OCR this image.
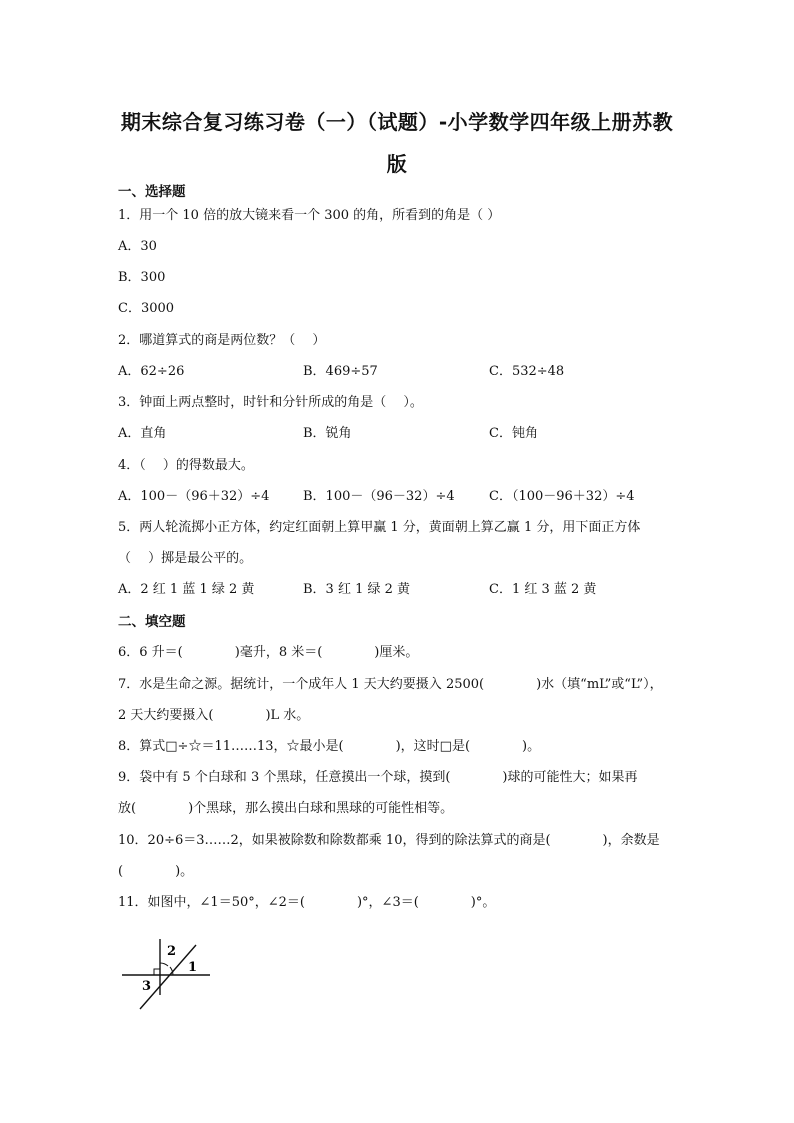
期末综合复习练习卷（一）（试题）-小学数学四年级上册苏教
版
一、选择题
1．用一个 10 倍的放大镜来看一个 300 的角，所看到的角是（ ）
A．30
B．300
C．3000
2．哪道算式的商是两位数？（　 ）
A．62÷26	B．469÷57	C．532÷48
3．钟面上两点整时，时针和分针所成的角是（　 ）。
A．直角	B．锐角	C．钝角
4．（　 ）的得数最大。
A．100－（96＋32）÷4	B．100－（96－32）÷4	C．（100－96＋32）÷4
5．两人轮流掷小正方体，约定红面朝上算甲赢 1 分，黄面朝上算乙赢 1 分，用下面正方体
（　 ）掷是最公平的。
A．2 红 1 蓝 1 绿 2 黄	B．3 红 1 绿 2 黄	C．1 红 3 蓝 2 黄
二、填空题
6．6 升＝(　　　　)毫升，8 米＝(　　　　)厘米。
7．水是生命之源。据统计，一个成年人 1 天大约要摄入 2500(　　　　)水（填“mL”或“L”），
2 天大约要摄入(　　　　)L 水。
8．算式□÷☆＝11……13，☆最小是(　　　　)，这时□是(　　　　)。
9．袋中有 5 个白球和 3 个黑球，任意摸出一个球，摸到(　　　　)球的可能性大；如果再
放(　　　　)个黑球，那么摸出白球和黑球的可能性相等。
10．20÷6＝3……2，如果被除数和除数都乘 10，得到的除法算式的商是(　　　　)，余数是
(　　　　)。
11．如图中，∠1＝50°，∠2＝(　　　　)°，∠3＝(　　　　)°。
2
1
3
